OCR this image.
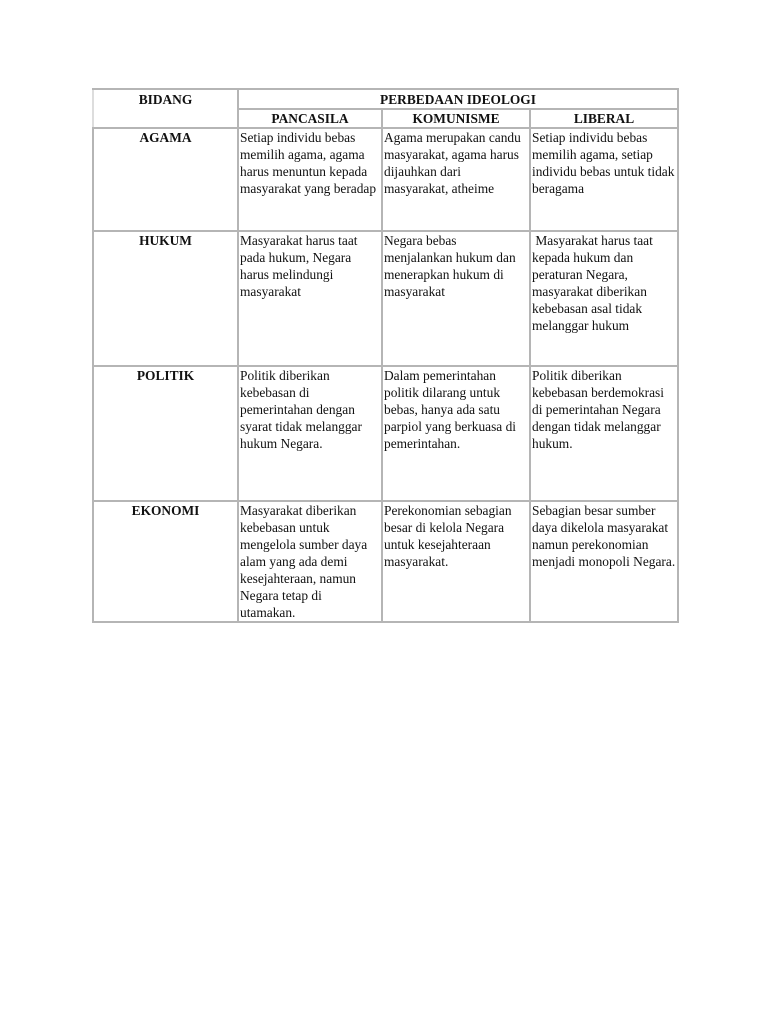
BIDANG	PERBEDAAN IDEOLOGI		
	PANCASILA	KOMUNISME	LIBERAL
AGAMA	Setiap individu bebas memilih agama, agama harus menuntun kepada masyarakat yang beradap	Agama merupakan candu masyarakat, agama harus dijauhkan dari masyarakat, atheime	Setiap individu bebas memilih agama, setiap individu bebas untuk tidak beragama
HUKUM	Masyarakat harus taat pada hukum, Negara harus melindungi masyarakat	Negara bebas menjalankan hukum dan menerapkan hukum di masyarakat	Masyarakat harus taat kepada hukum dan peraturan Negara, masyarakat diberikan kebebasan asal tidak melanggar hukum
POLITIK	Politik diberikan kebebasan di pemerintahan dengan syarat tidak melanggar hukum Negara.	Dalam pemerintahan politik dilarang untuk bebas, hanya ada satu parpiol yang berkuasa di pemerintahan.	Politik diberikan kebebasan berdemokrasi di pemerintahan Negara dengan tidak melanggar hukum.
EKONOMI	Masyarakat diberikan kebebasan untuk mengelola sumber daya alam yang ada demi kesejahteraan, namun Negara tetap di utamakan.	Perekonomian sebagian besar di kelola Negara untuk kesejahteraan masyarakat.	Sebagian besar sumber daya dikelola masyarakat namun perekonomian menjadi monopoli Negara.
